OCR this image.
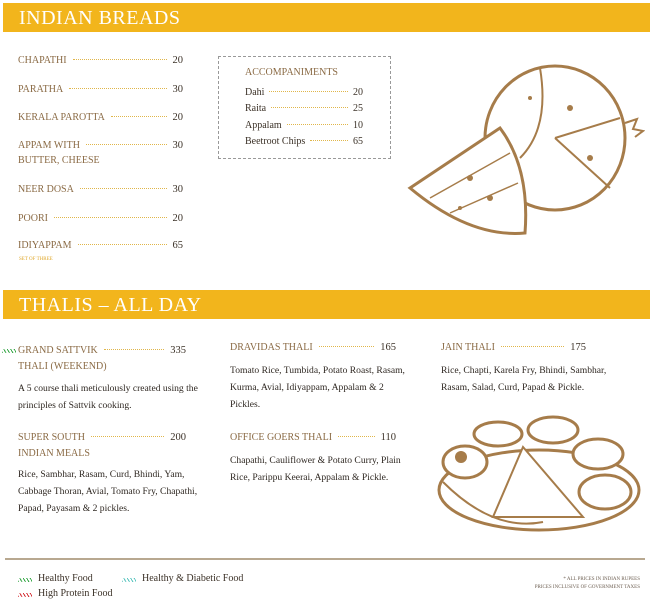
INDIAN BREADS
CHAPATHI	20
PARATHA	30
KERALA PAROTTA	20
APPAM WITH	30
BUTTER, CHEESE
NEER DOSA	30
POORI	20
IDIYAPPAM	65
SET OF THREE
ACCOMPANIMENTS
Dahi	20
Raita	25
Appalam	10
Beetroot Chips	65
THALIS – ALL DAY
GRAND SATTVIK	335
THALI (WEEKEND)
A 5 course thali meticulously created using the principles of Sattvik cooking.
SUPER SOUTH	200
INDIAN MEALS
Rice, Sambhar, Rasam, Curd, Bhindi, Yam, Cabbage Thoran, Avial, Tomato Fry, Chapathi, Papad, Payasam & 2 pickles.
DRAVIDAS THALI	165
Tomato Rice, Tumbida, Potato Roast, Rasam, Kurma, Avial, Idiyappam, Appalam & 2 Pickles.
OFFICE GOERS THALI	110
Chapathi, Cauliflower & Potato Curry, Plain Rice, Parippu Keerai, Appalam & Pickle.
JAIN THALI	175
Rice, Chapti, Karela Fry, Bhindi, Sambhar, Rasam, Salad, Curd, Papad & Pickle.
Healthy Food	Healthy & Diabetic Food
High Protein Food
* ALL PRICES IN INDIAN RUPEES
PRICES INCLUSIVE OF GOVERNMENT TAXES
